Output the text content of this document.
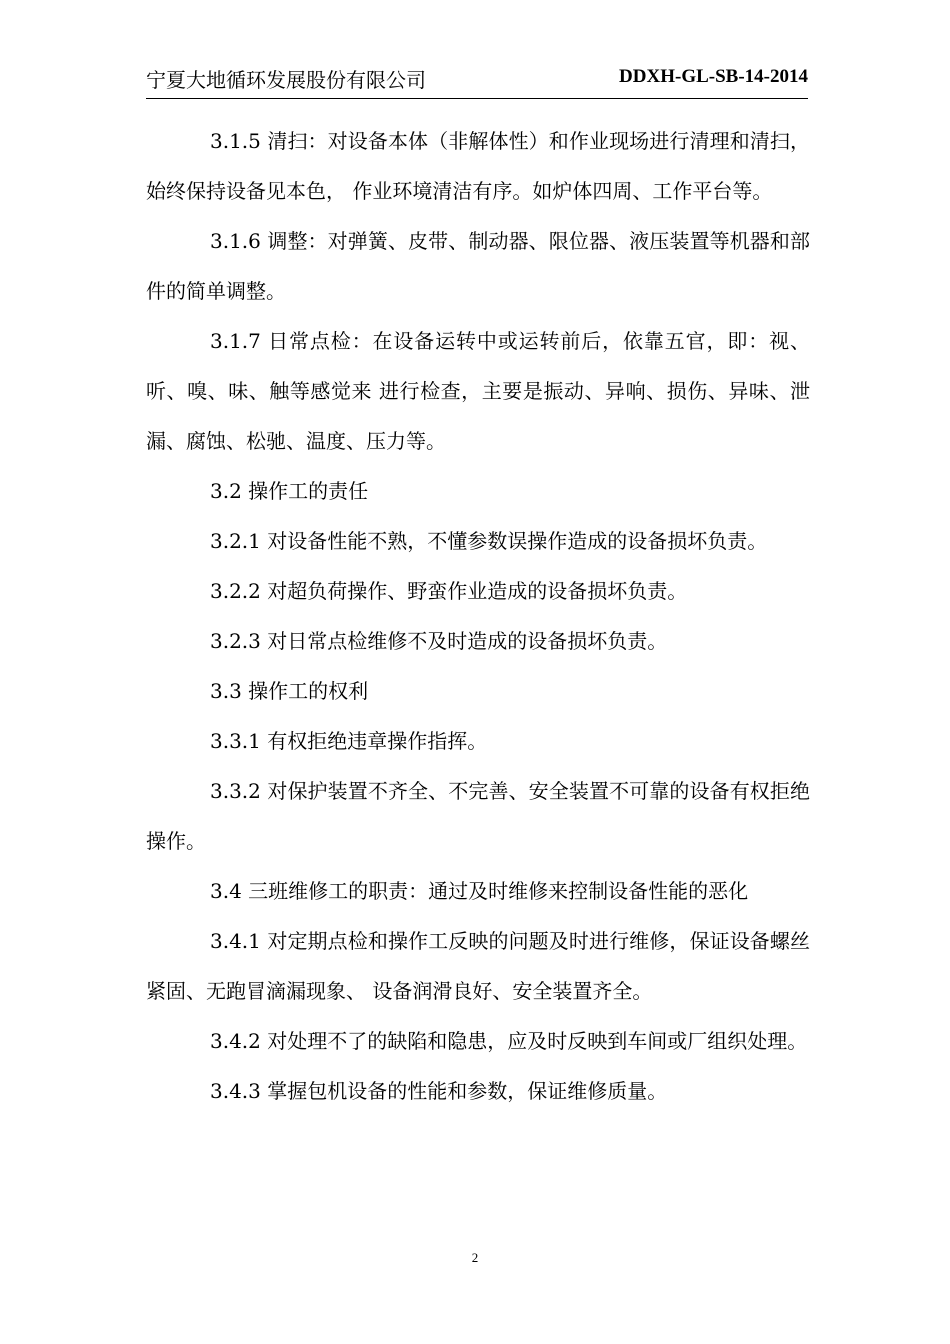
宁夏大地循环发展股份有限公司	DDXH-GL-SB-14-2014

3.1.5 清扫：对设备本体（非解体性）和作业现场进行清理和清扫，始终保持设备见本色， 作业环境清洁有序。如炉体四周、工作平台等。

3.1.6 调整：对弹簧、皮带、制动器、限位器、液压装置等机器和部件的简单调整。

3.1.7 日常点检：在设备运转中或运转前后，依靠五官，即：视、听、嗅、味、触等感觉来 进行检查，主要是振动、异响、损伤、异味、泄漏、腐蚀、松驰、温度、压力等。

3.2 操作工的责任

3.2.1 对设备性能不熟，不懂参数误操作造成的设备损坏负责。

3.2.2 对超负荷操作、野蛮作业造成的设备损坏负责。

3.2.3 对日常点检维修不及时造成的设备损坏负责。

3.3 操作工的权利

3.3.1 有权拒绝违章操作指挥。

3.3.2 对保护装置不齐全、不完善、安全装置不可靠的设备有权拒绝操作。

3.4 三班维修工的职责：通过及时维修来控制设备性能的恶化

3.4.1 对定期点检和操作工反映的问题及时进行维修，保证设备螺丝紧固、无跑冒滴漏现象、 设备润滑良好、安全装置齐全。

3.4.2 对处理不了的缺陷和隐患，应及时反映到车间或厂组织处理。

3.4.3 掌握包机设备的性能和参数，保证维修质量。

2
